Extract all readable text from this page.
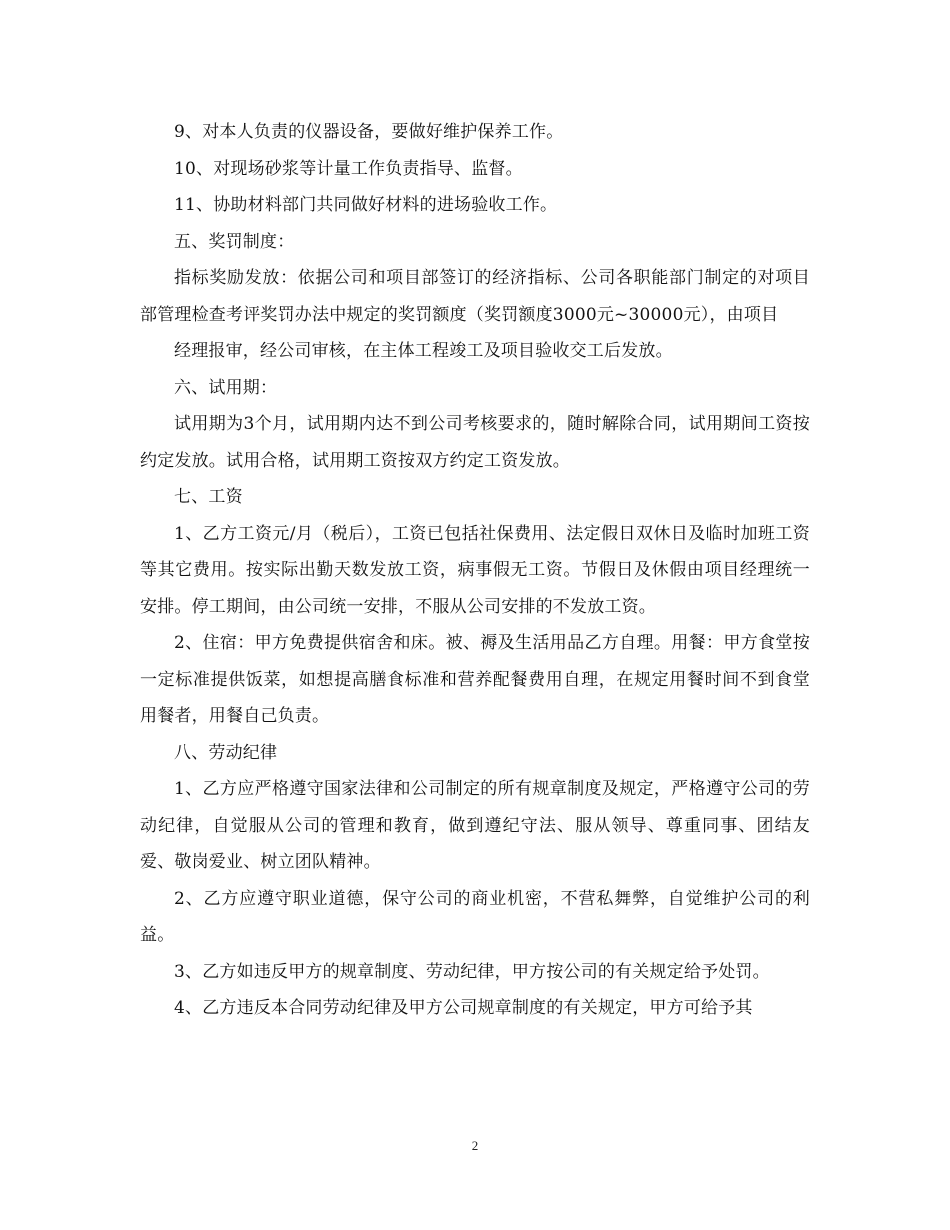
9、对本人负责的仪器设备，要做好维护保养工作。

10、对现场砂浆等计量工作负责指导、监督。

11、协助材料部门共同做好材料的进场验收工作。

五、奖罚制度：

指标奖励发放：依据公司和项目部签订的经济指标、公司各职能部门制定的对项目部管理检查考评奖罚办法中规定的奖罚额度（奖罚额度3000元~30000元），由项目

经理报审，经公司审核，在主体工程竣工及项目验收交工后发放。

六、试用期：

试用期为3个月，试用期内达不到公司考核要求的，随时解除合同，试用期间工资按约定发放。试用合格，试用期工资按双方约定工资发放。

七、工资

1、乙方工资元/月（税后），工资已包括社保费用、法定假日双休日及临时加班工资等其它费用。按实际出勤天数发放工资，病事假无工资。节假日及休假由项目经理统一安排。停工期间，由公司统一安排，不服从公司安排的不发放工资。

2、住宿：甲方免费提供宿舍和床。被、褥及生活用品乙方自理。用餐：甲方食堂按一定标准提供饭菜，如想提高膳食标准和营养配餐费用自理，在规定用餐时间不到食堂用餐者，用餐自己负责。

八、劳动纪律

1、乙方应严格遵守国家法律和公司制定的所有规章制度及规定，严格遵守公司的劳动纪律，自觉服从公司的管理和教育，做到遵纪守法、服从领导、尊重同事、团结友爱、敬岗爱业、树立团队精神。

2、乙方应遵守职业道德，保守公司的商业机密，不营私舞弊，自觉维护公司的利益。

3、乙方如违反甲方的规章制度、劳动纪律，甲方按公司的有关规定给予处罚。

4、乙方违反本合同劳动纪律及甲方公司规章制度的有关规定，甲方可给予其

2
